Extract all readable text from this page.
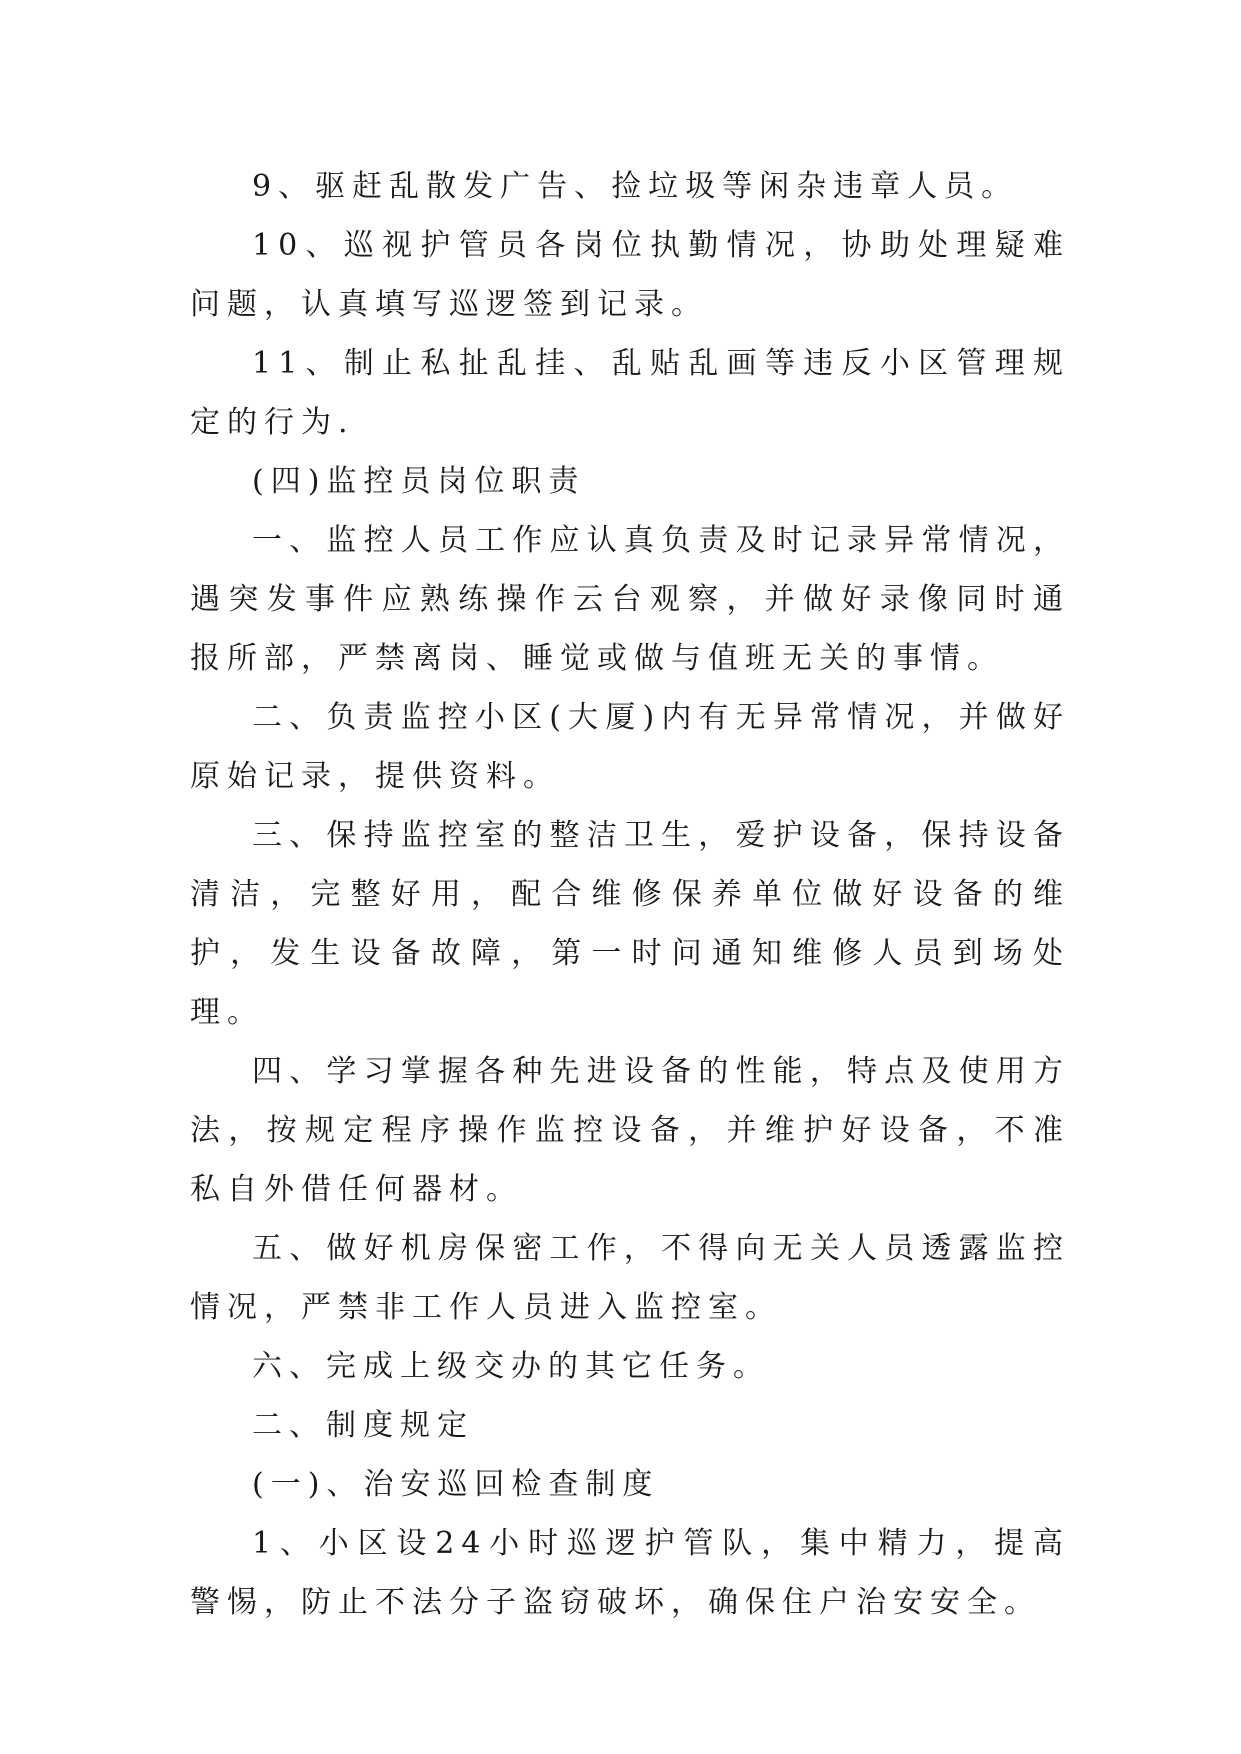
9、驱赶乱散发广告、捡垃圾等闲杂违章人员。

10、巡视护管员各岗位执勤情况，协助处理疑难问题，认真填写巡逻签到记录。

11、制止私扯乱挂、乱贴乱画等违反小区管理规定的行为.

(四)监控员岗位职责

一、监控人员工作应认真负责及时记录异常情况，遇突发事件应熟练操作云台观察，并做好录像同时通报所部，严禁离岗、睡觉或做与值班无关的事情。

二、负责监控小区(大厦)内有无异常情况，并做好原始记录，提供资料。

三、保持监控室的整洁卫生，爱护设备，保持设备清洁，完整好用，配合维修保养单位做好设备的维护，发生设备故障，第一时问通知维修人员到场处理。

四、学习掌握各种先进设备的性能，特点及使用方法，按规定程序操作监控设备，并维护好设备，不准私自外借任何器材。

五、做好机房保密工作，不得向无关人员透露监控情况，严禁非工作人员进入监控室。

六、完成上级交办的其它任务。

二、制度规定

(一)、治安巡回检查制度

1、小区设24小时巡逻护管队，集中精力，提高警惕，防止不法分子盗窃破坏，确保住户治安安全。
